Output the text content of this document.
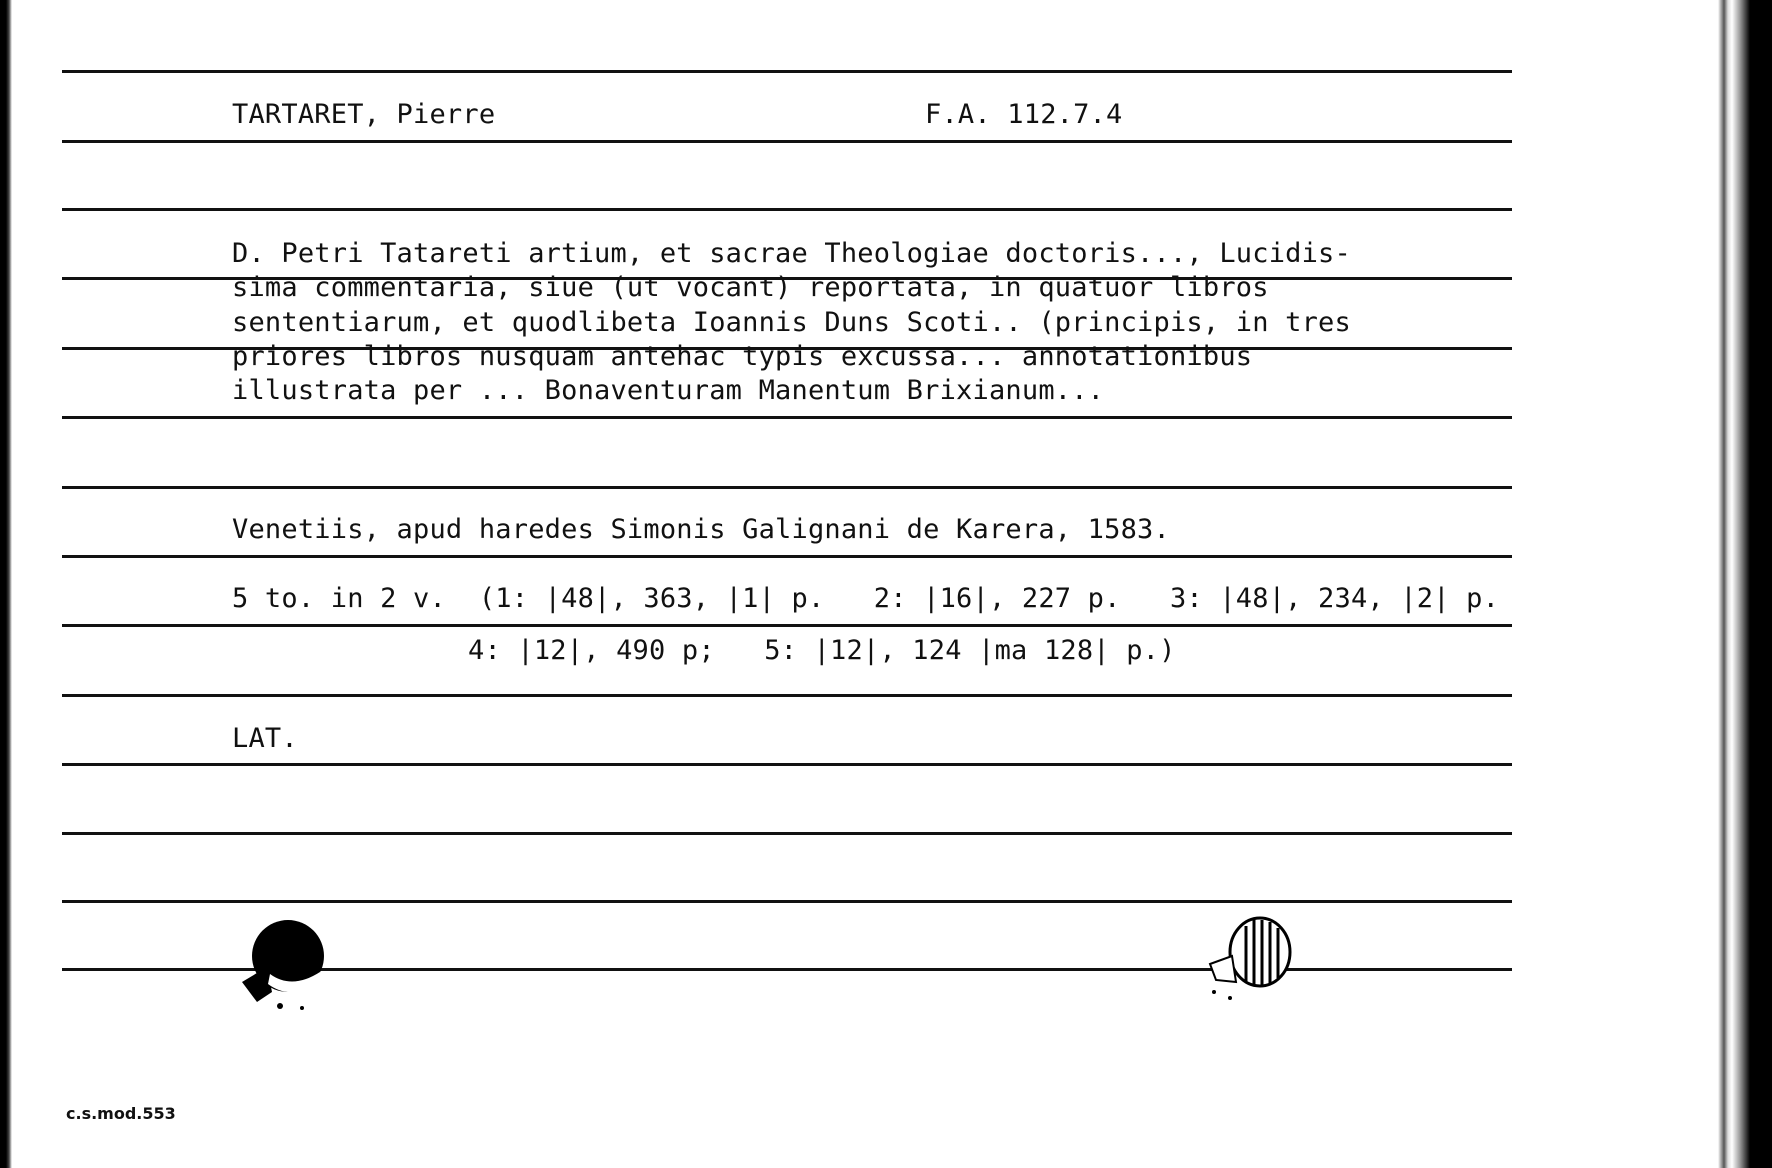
TARTARET, Pierre	F.A. 112.7.4
D. Petri Tatareti artium, et sacrae Theologiae doctoris..., Lucidis-
sima commentaria, siue (ut vocant) reportata, in quatuor libros
sententiarum, et quodlibeta Ioannis Duns Scoti.. (principis, in tres
priores libros nusquam antehac typis excussa... annotationibus
illustrata per ... Bonaventuram Manentum Brixianum...
Venetiis, apud haredes Simonis Galignani de Karera, 1583.
5 to. in 2 v.  (1: |48|, 363, |1| p.   2: |16|, 227 p.   3: |48|, 234, |2| p.
4: |12|, 490 p;   5: |12|, 124 |ma 128| p.)
LAT.
c.s.mod.553
